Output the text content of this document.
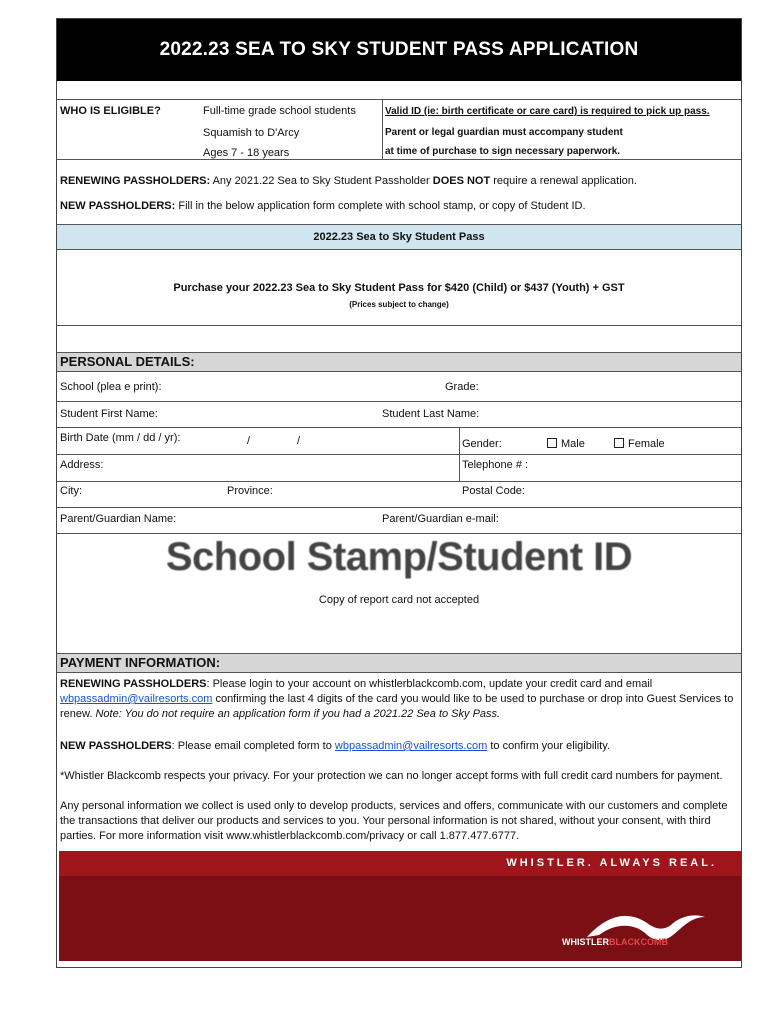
2022.23 SEA TO SKY STUDENT PASS APPLICATION
WHO IS ELIGIBLE?	Full-time grade school students
Squamish to D'Arcy
Ages 7 - 18 years
Valid ID (ie: birth certificate or care card) is required to pick up pass.
Parent or legal guardian must accompany student
at time of purchase to sign necessary paperwork.
RENEWING PASSHOLDERS: Any 2021.22 Sea to Sky Student Passholder DOES NOT require a renewal application.
NEW PASSHOLDERS: Fill in the below application form complete with school stamp, or copy of Student ID.
2022.23 Sea to Sky Student Pass
Purchase your 2022.23 Sea to Sky Student Pass for $420 (Child) or $437 (Youth) + GST
(Prices subject to change)
PERSONAL DETAILS:
School (plea e print):	Grade:
Student First Name:	Student Last Name:
Birth Date (mm / dd / yr):	/	/	Gender:	Male	Female
Address:	Telephone # :
City:	Province:	Postal Code:
Parent/Guardian Name:	Parent/Guardian e-mail:
School Stamp/Student ID
Copy of report card not accepted
PAYMENT INFORMATION:
RENEWING PASSHOLDERS: Please login to your account on whistlerblackcomb.com, update your credit card and email wbpassadmin@vailresorts.com confirming the last 4 digits of the card you would like to be used to purchase or drop into Guest Services to renew. Note: You do not require an application form if you had a 2021.22 Sea to Sky Pass.
NEW PASSHOLDERS: Please email completed form to wbpassadmin@vailresorts.com to confirm your eligibility.
*Whistler Blackcomb respects your privacy. For your protection we can no longer accept forms with full credit card numbers for payment.
Any personal information we collect is used only to develop products, services and offers, communicate with our customers and complete the transactions that deliver our products and services to you. Your personal information is not shared, without your consent, with third parties. For more information visit www.whistlerblackcomb.com/privacy or call 1.877.477.6777.
WHISTLER. ALWAYS REAL.
WHISTLERBLACKCOMB
